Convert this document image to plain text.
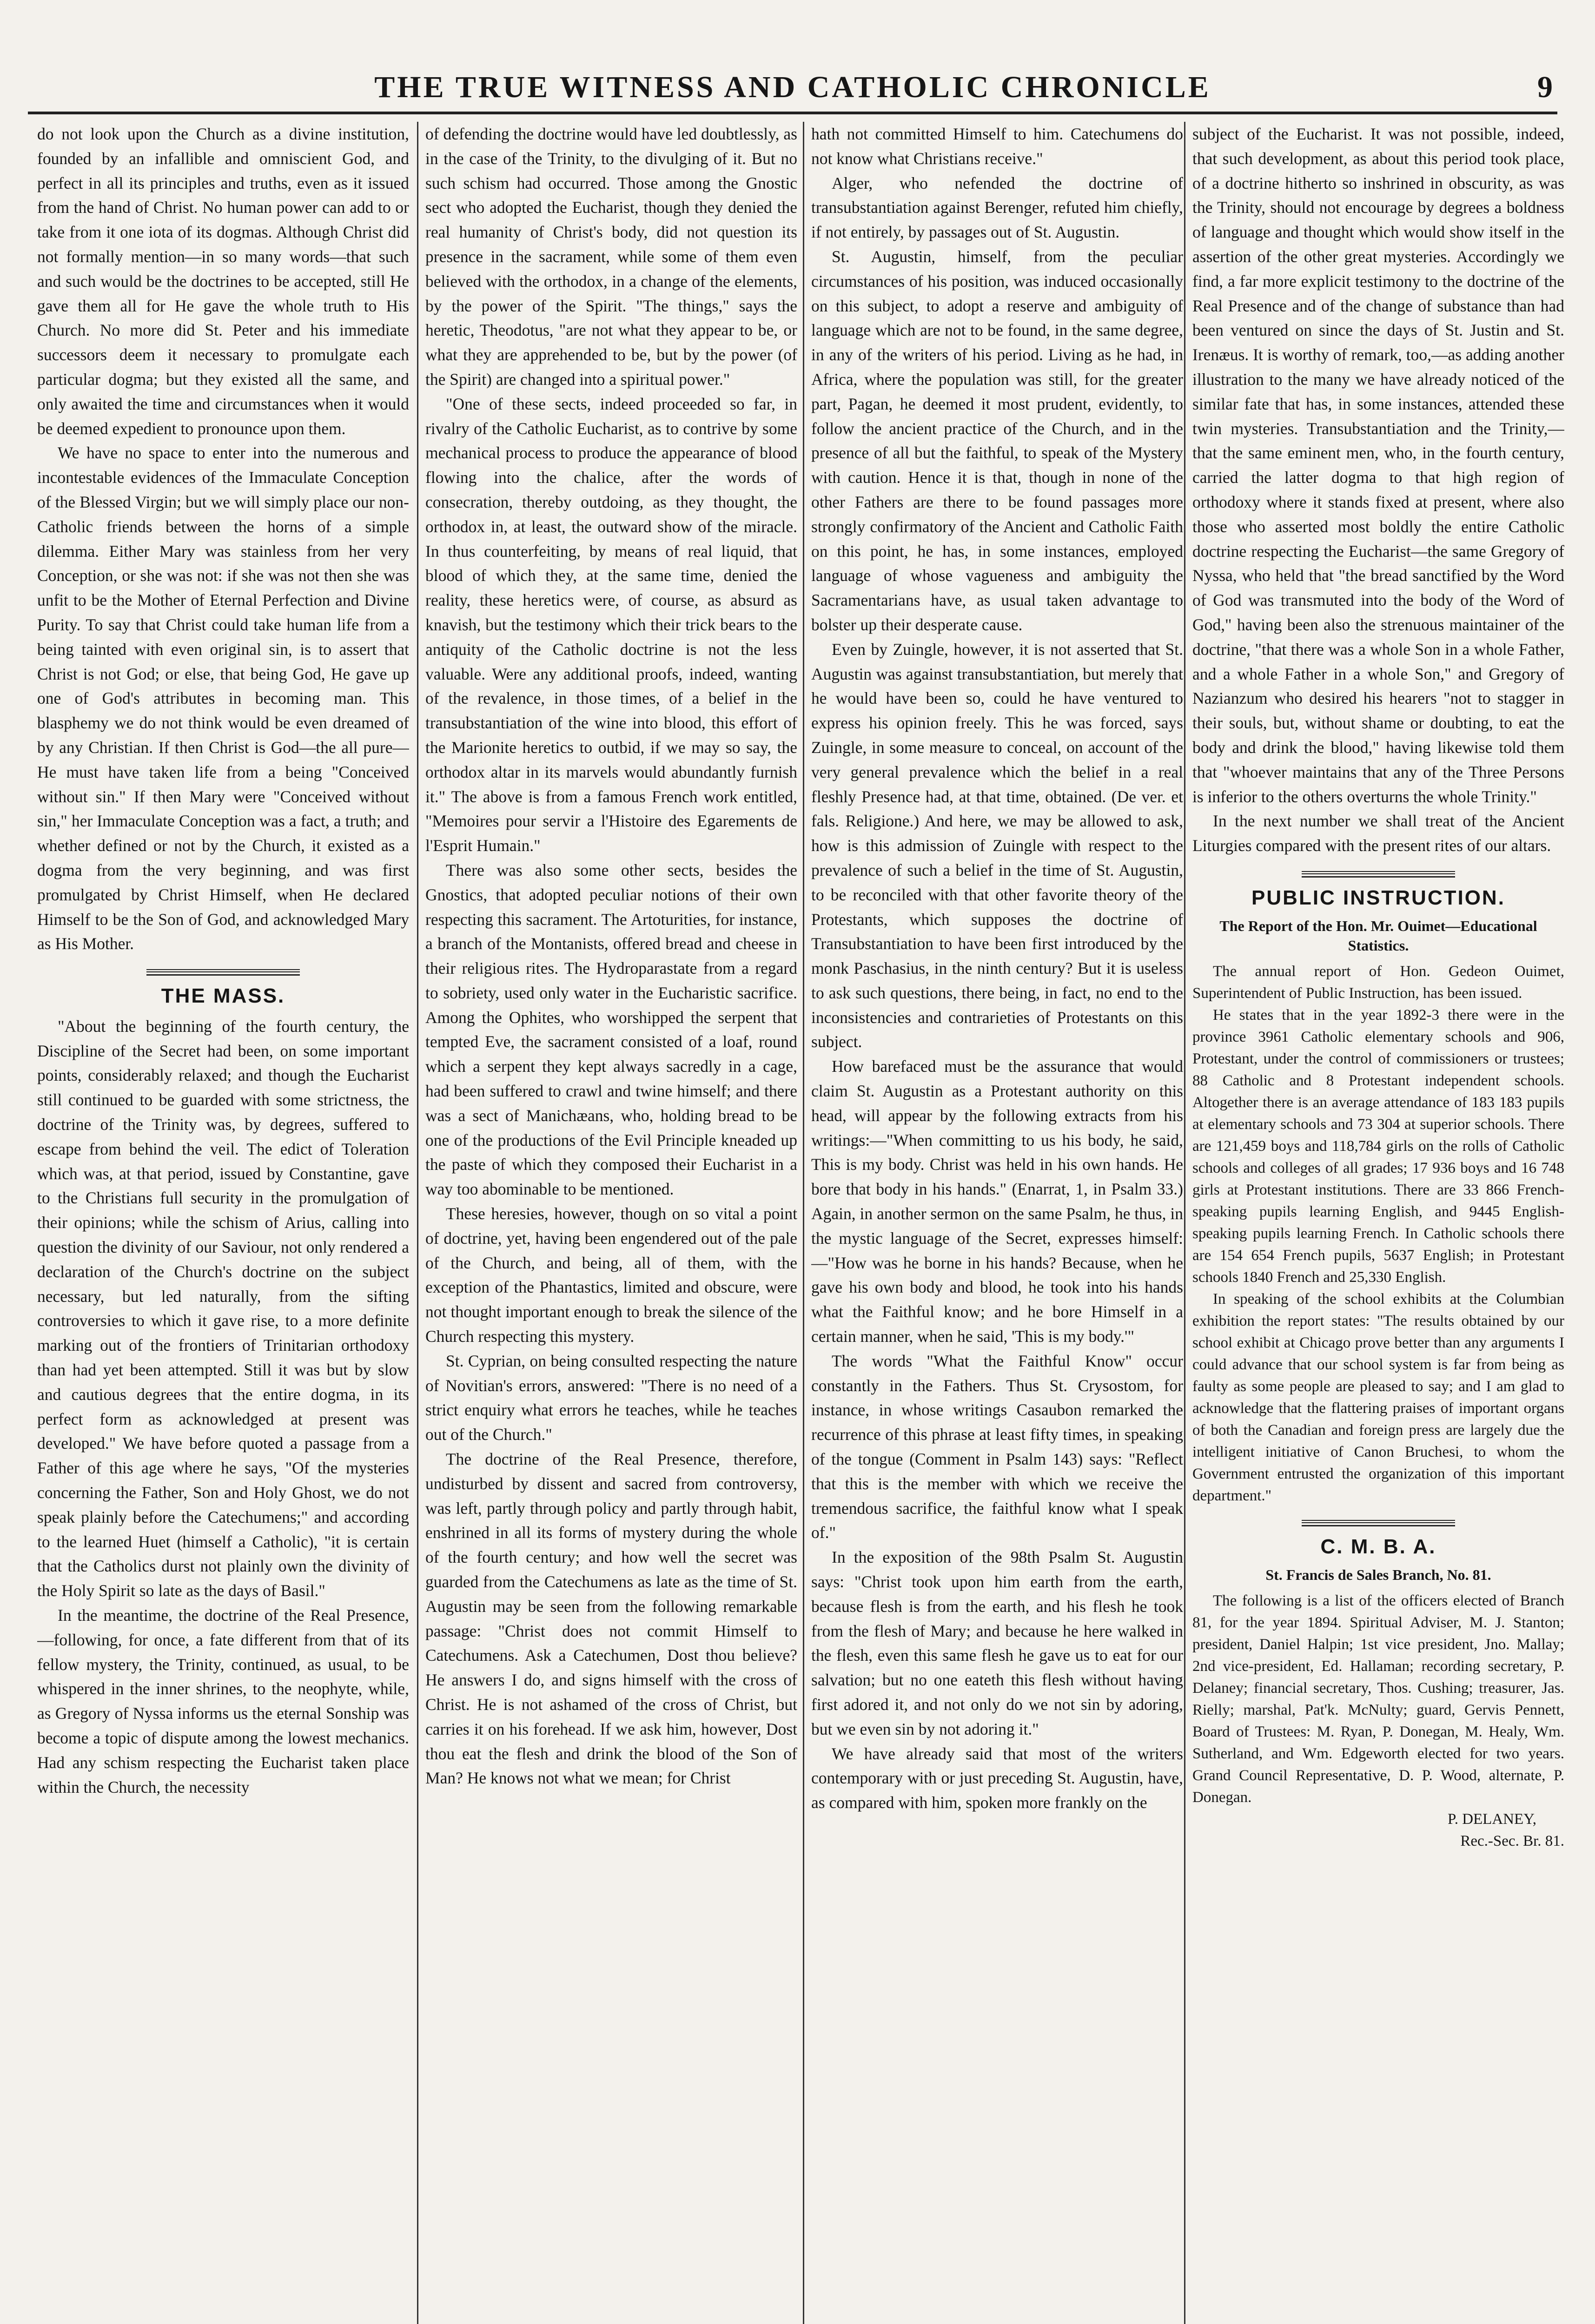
THE TRUE WITNESS AND CATHOLIC CHRONICLE	9

do not look upon the Church as a divine institution, founded by an infallible and omniscient God, and perfect in all its principles and truths, even as it issued from the hand of Christ. No human power can add to or take from it one iota of its dogmas. Although Christ did not formally mention—in so many words—that such and such would be the doctrines to be accepted, still He gave them all for He gave the whole truth to His Church. No more did St. Peter and his immediate successors deem it necessary to promulgate each particular dogma; but they existed all the same, and only awaited the time and circumstances when it would be deemed expedient to pronounce upon them.

We have no space to enter into the numerous and incontestable evidences of the Immaculate Conception of the Blessed Virgin; but we will simply place our non-Catholic friends between the horns of a simple dilemma. Either Mary was stainless from her very Conception, or she was not: if she was not then she was unfit to be the Mother of Eternal Perfection and Divine Purity. To say that Christ could take human life from a being tainted with even original sin, is to assert that Christ is not God; or else, that being God, He gave up one of God's attributes in becoming man. This blasphemy we do not think would be even dreamed of by any Christian. If then Christ is God—the all pure—He must have taken life from a being "Conceived without sin." If then Mary were "Conceived without sin," her Immaculate Conception was a fact, a truth; and whether defined or not by the Church, it existed as a dogma from the very beginning, and was first promulgated by Christ Himself, when He declared Himself to be the Son of God, and acknowledged Mary as His Mother.

THE MASS.

"About the beginning of the fourth century, the Discipline of the Secret had been, on some important points, considerably relaxed; and though the Eucharist still continued to be guarded with some strictness, the doctrine of the Trinity was, by degrees, suffered to escape from behind the veil. The edict of Toleration which was, at that period, issued by Constantine, gave to the Christians full security in the promulgation of their opinions; while the schism of Arius, calling into question the divinity of our Saviour, not only rendered a declaration of the Church's doctrine on the subject necessary, but led naturally, from the sifting controversies to which it gave rise, to a more definite marking out of the frontiers of Trinitarian orthodoxy than had yet been attempted. Still it was but by slow and cautious degrees that the entire dogma, in its perfect form as acknowledged at present was developed." We have before quoted a passage from a Father of this age where he says, "Of the mysteries concerning the Father, Son and Holy Ghost, we do not speak plainly before the Catechumens;" and according to the learned Huet (himself a Catholic), "it is certain that the Catholics durst not plainly own the divinity of the Holy Spirit so late as the days of Basil."

In the meantime, the doctrine of the Real Presence,—following, for once, a fate different from that of its fellow mystery, the Trinity, continued, as usual, to be whispered in the inner shrines, to the neophyte, while, as Gregory of Nyssa informs us the eternal Sonship was become a topic of dispute among the lowest mechanics. Had any schism respecting the Eucharist taken place within the Church, the necessity

of defending the doctrine would have led doubtlessly, as in the case of the Trinity, to the divulging of it. But no such schism had occurred. Those among the Gnostic sect who adopted the Eucharist, though they denied the real humanity of Christ's body, did not question its presence in the sacrament, while some of them even believed with the orthodox, in a change of the elements, by the power of the Spirit. "The things," says the heretic, Theodotus, "are not what they appear to be, or what they are apprehended to be, but by the power (of the Spirit) are changed into a spiritual power."

"One of these sects, indeed proceeded so far, in rivalry of the Catholic Eucharist, as to contrive by some mechanical process to produce the appearance of blood flowing into the chalice, after the words of consecration, thereby outdoing, as they thought, the orthodox in, at least, the outward show of the miracle. In thus counterfeiting, by means of real liquid, that blood of which they, at the same time, denied the reality, these heretics were, of course, as absurd as knavish, but the testimony which their trick bears to the antiquity of the Catholic doctrine is not the less valuable. Were any additional proofs, indeed, wanting of the revalence, in those times, of a belief in the transubstantiation of the wine into blood, this effort of the Marionite heretics to outbid, if we may so say, the orthodox altar in its marvels would abundantly furnish it." The above is from a famous French work entitled, "Memoires pour servir a l'Histoire des Egarements de l'Esprit Humain."

There was also some other sects, besides the Gnostics, that adopted peculiar notions of their own respecting this sacrament. The Artoturities, for instance, a branch of the Montanists, offered bread and cheese in their religious rites. The Hydroparastate from a regard to sobriety, used only water in the Eucharistic sacrifice. Among the Ophites, who worshipped the serpent that tempted Eve, the sacrament consisted of a loaf, round which a serpent they kept always sacredly in a cage, had been suffered to crawl and twine himself; and there was a sect of Manichæans, who, holding bread to be one of the productions of the Evil Principle kneaded up the paste of which they composed their Eucharist in a way too abominable to be mentioned.

These heresies, however, though on so vital a point of doctrine, yet, having been engendered out of the pale of the Church, and being, all of them, with the exception of the Phantastics, limited and obscure, were not thought important enough to break the silence of the Church respecting this mystery.

St. Cyprian, on being consulted respecting the nature of Novitian's errors, answered: "There is no need of a strict enquiry what errors he teaches, while he teaches out of the Church."

The doctrine of the Real Presence, therefore, undisturbed by dissent and sacred from controversy, was left, partly through policy and partly through habit, enshrined in all its forms of mystery during the whole of the fourth century; and how well the secret was guarded from the Catechumens as late as the time of St. Augustin may be seen from the following remarkable passage: "Christ does not commit Himself to Catechumens. Ask a Catechumen, Dost thou believe? He answers I do, and signs himself with the cross of Christ. He is not ashamed of the cross of Christ, but carries it on his forehead. If we ask him, however, Dost thou eat the flesh and drink the blood of the Son of Man? He knows not what we mean; for Christ

hath not committed Himself to him. Catechumens do not know what Christians receive."

Alger, who nefended the doctrine of transubstantiation against Berenger, refuted him chiefly, if not entirely, by passages out of St. Augustin.

St. Augustin, himself, from the peculiar circumstances of his position, was induced occasionally on this subject, to adopt a reserve and ambiguity of language which are not to be found, in the same degree, in any of the writers of his period. Living as he had, in Africa, where the population was still, for the greater part, Pagan, he deemed it most prudent, evidently, to follow the ancient practice of the Church, and in the presence of all but the faithful, to speak of the Mystery with caution. Hence it is that, though in none of the other Fathers are there to be found passages more strongly confirmatory of the Ancient and Catholic Faith on this point, he has, in some instances, employed language of whose vagueness and ambiguity the Sacramentarians have, as usual taken advantage to bolster up their desperate cause.

Even by Zuingle, however, it is not asserted that St. Augustin was against transubstantiation, but merely that he would have been so, could he have ventured to express his opinion freely. This he was forced, says Zuingle, in some measure to conceal, on account of the very general prevalence which the belief in a real fleshly Presence had, at that time, obtained. (De ver. et fals. Religione.) And here, we may be allowed to ask, how is this admission of Zuingle with respect to the prevalence of such a belief in the time of St. Augustin, to be reconciled with that other favorite theory of the Protestants, which supposes the doctrine of Transubstantiation to have been first introduced by the monk Paschasius, in the ninth century? But it is useless to ask such questions, there being, in fact, no end to the inconsistencies and contrarieties of Protestants on this subject.

How barefaced must be the assurance that would claim St. Augustin as a Protestant authority on this head, will appear by the following extracts from his writings:—"When committing to us his body, he said, This is my body. Christ was held in his own hands. He bore that body in his hands." (Enarrat, 1, in Psalm 33.) Again, in another sermon on the same Psalm, he thus, in the mystic language of the Secret, expresses himself:—"How was he borne in his hands? Because, when he gave his own body and blood, he took into his hands what the Faithful know; and he bore Himself in a certain manner, when he said, 'This is my body.'"

The words "What the Faithful Know" occur constantly in the Fathers. Thus St. Crysostom, for instance, in whose writings Casaubon remarked the recurrence of this phrase at least fifty times, in speaking of the tongue (Comment in Psalm 143) says: "Reflect that this is the member with which we receive the tremendous sacrifice, the faithful know what I speak of."

In the exposition of the 98th Psalm St. Augustin says: "Christ took upon him earth from the earth, because flesh is from the earth, and his flesh he took from the flesh of Mary; and because he here walked in the flesh, even this same flesh he gave us to eat for our salvation; but no one eateth this flesh without having first adored it, and not only do we not sin by adoring, but we even sin by not adoring it."

We have already said that most of the writers contemporary with or just preceding St. Augustin, have, as compared with him, spoken more frankly on the

subject of the Eucharist. It was not possible, indeed, that such development, as about this period took place, of a doctrine hitherto so inshrined in obscurity, as was the Trinity, should not encourage by degrees a boldness of language and thought which would show itself in the assertion of the other great mysteries. Accordingly we find, a far more explicit testimony to the doctrine of the Real Presence and of the change of substance than had been ventured on since the days of St. Justin and St. Irenæus. It is worthy of remark, too,—as adding another illustration to the many we have already noticed of the similar fate that has, in some instances, attended these twin mysteries. Transubstantiation and the Trinity,—that the same eminent men, who, in the fourth century, carried the latter dogma to that high region of orthodoxy where it stands fixed at present, where also those who asserted most boldly the entire Catholic doctrine respecting the Eucharist—the same Gregory of Nyssa, who held that "the bread sanctified by the Word of God was transmuted into the body of the Word of God," having been also the strenuous maintainer of the doctrine, "that there was a whole Son in a whole Father, and a whole Father in a whole Son," and Gregory of Nazianzum who desired his hearers "not to stagger in their souls, but, without shame or doubting, to eat the body and drink the blood," having likewise told them that "whoever maintains that any of the Three Persons is inferior to the others overturns the whole Trinity."

In the next number we shall treat of the Ancient Liturgies compared with the present rites of our altars.

PUBLIC INSTRUCTION.
The Report of the Hon. Mr. Ouimet—Educational Statistics.

The annual report of Hon. Gedeon Ouimet, Superintendent of Public Instruction, has been issued.

He states that in the year 1892-3 there were in the province 3961 Catholic elementary schools and 906, Protestant, under the control of commissioners or trustees; 88 Catholic and 8 Protestant independent schools. Altogether there is an average attendance of 183 183 pupils at elementary schools and 73 304 at superior schools. There are 121,459 boys and 118,784 girls on the rolls of Catholic schools and colleges of all grades; 17 936 boys and 16 748 girls at Protestant institutions. There are 33 866 French-speaking pupils learning English, and 9445 English-speaking pupils learning French. In Catholic schools there are 154 654 French pupils, 5637 English; in Protestant schools 1840 French and 25,330 English.

In speaking of the school exhibits at the Columbian exhibition the report states: "The results obtained by our school exhibit at Chicago prove better than any arguments I could advance that our school system is far from being as faulty as some people are pleased to say; and I am glad to acknowledge that the flattering praises of important organs of both the Canadian and foreign press are largely due the intelligent initiative of Canon Bruchesi, to whom the Government entrusted the organization of this important department."

C. M. B. A.
St. Francis de Sales Branch, No. 81.

The following is a list of the officers elected of Branch 81, for the year 1894. Spiritual Adviser, M. J. Stanton; president, Daniel Halpin; 1st vice president, Jno. Mallay; 2nd vice-president, Ed. Hallaman; recording secretary, P. Delaney; financial secretary, Thos. Cushing; treasurer, Jas. Rielly; marshal, Pat'k. McNulty; guard, Gervis Pennett, Board of Trustees: M. Ryan, P. Donegan, M. Healy, Wm. Sutherland, and Wm. Edgeworth elected for two years. Grand Council Representative, D. P. Wood, alternate, P. Donegan.

P. DELANEY,
Rec.-Sec. Br. 81.
